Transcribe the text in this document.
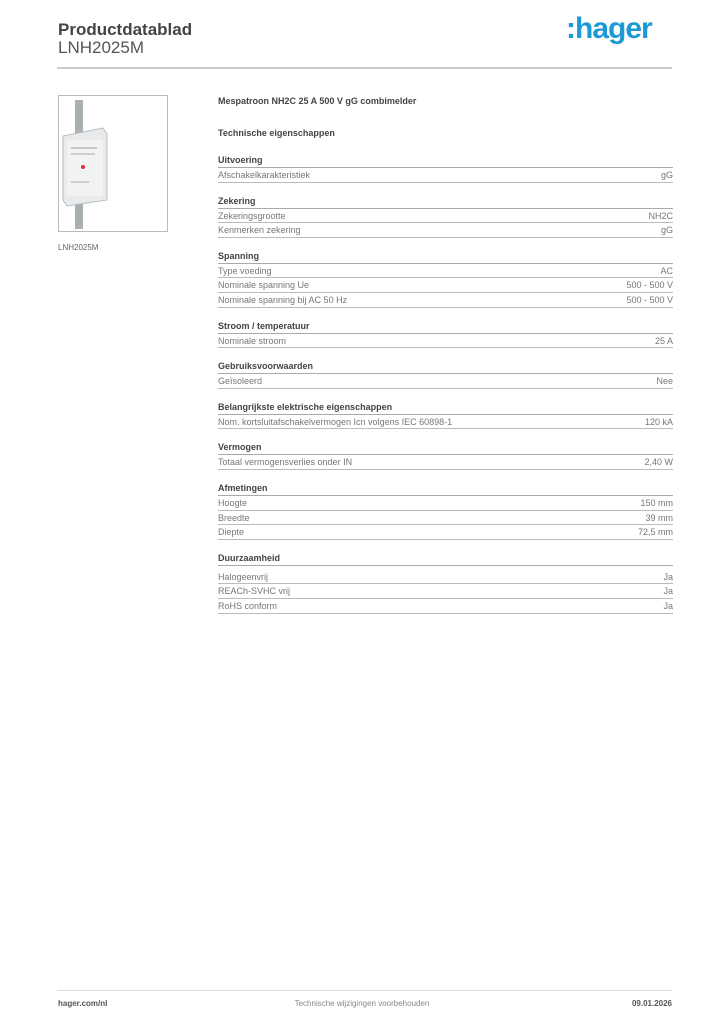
Productdatablad
LNH2025M
:hager
LNH2025M
Mespatroon NH2C 25 A 500 V gG combimelder
Technische eigenschappen
Uitvoering
Afschakelkarakteristiek	gG
Zekering
Zekeringsgrootte	NH2C
Kenmerken zekering	gG
Spanning
Type voeding	AC
Nominale spanning Ue	500 - 500 V
Nominale spanning bij AC 50 Hz	500 - 500 V
Stroom / temperatuur
Nominale stroom	25 A
Gebruiksvoorwaarden
Geïsoleerd	Nee
Belangrijkste elektrische eigenschappen
Nom. kortsluitafschakelvermogen Icn volgens IEC 60898-1	120 kA
Vermogen
Totaal vermogensverlies onder IN	2,40 W
Afmetingen
Hoogte	150 mm
Breedte	39 mm
Diepte	72,5 mm
Duurzaamheid
Halogeenvrij	Ja
REACh-SVHC vrij	Ja
RoHS conform	Ja
hager.com/nl	Technische wijzigingen voorbehouden	09.01.2026
